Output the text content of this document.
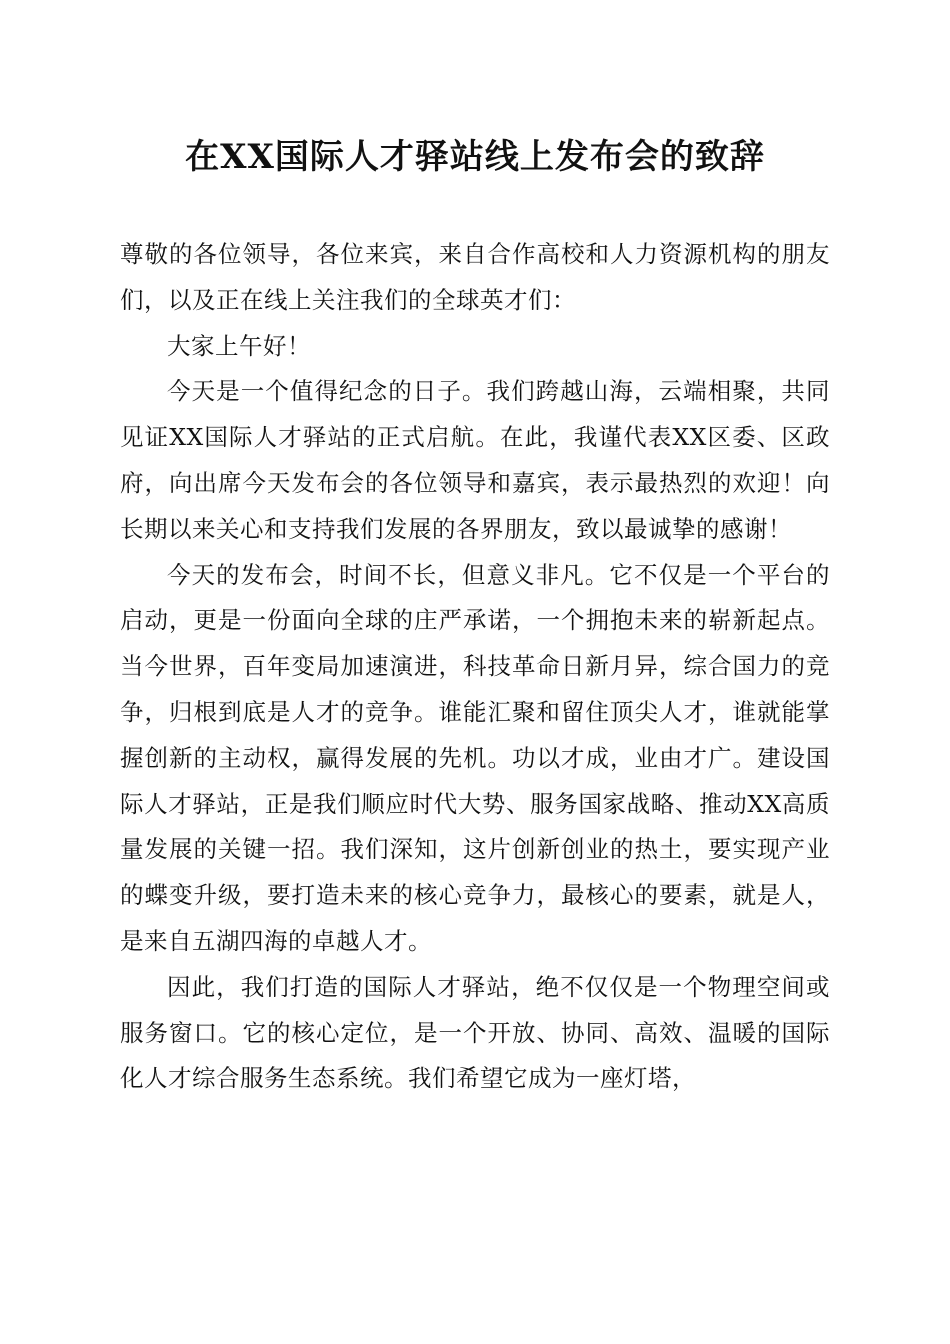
在XX国际人才驿站线上发布会的致辞

尊敬的各位领导，各位来宾，来自合作高校和人力资源机构的朋友们，以及正在线上关注我们的全球英才们：

大家上午好！

今天是一个值得纪念的日子。我们跨越山海，云端相聚，共同见证XX国际人才驿站的正式启航。在此，我谨代表XX区委、区政府，向出席今天发布会的各位领导和嘉宾，表示最热烈的欢迎！向长期以来关心和支持我们发展的各界朋友，致以最诚挚的感谢！

今天的发布会，时间不长，但意义非凡。它不仅是一个平台的启动，更是一份面向全球的庄严承诺，一个拥抱未来的崭新起点。当今世界，百年变局加速演进，科技革命日新月异，综合国力的竞争，归根到底是人才的竞争。谁能汇聚和留住顶尖人才，谁就能掌握创新的主动权，赢得发展的先机。功以才成，业由才广。建设国际人才驿站，正是我们顺应时代大势、服务国家战略、推动XX高质量发展的关键一招。我们深知，这片创新创业的热土，要实现产业的蝶变升级，要打造未来的核心竞争力，最核心的要素，就是人，是来自五湖四海的卓越人才。

因此，我们打造的国际人才驿站，绝不仅仅是一个物理空间或服务窗口。它的核心定位，是一个开放、协同、高效、温暖的国际化人才综合服务生态系统。我们希望它成为一座灯塔，
